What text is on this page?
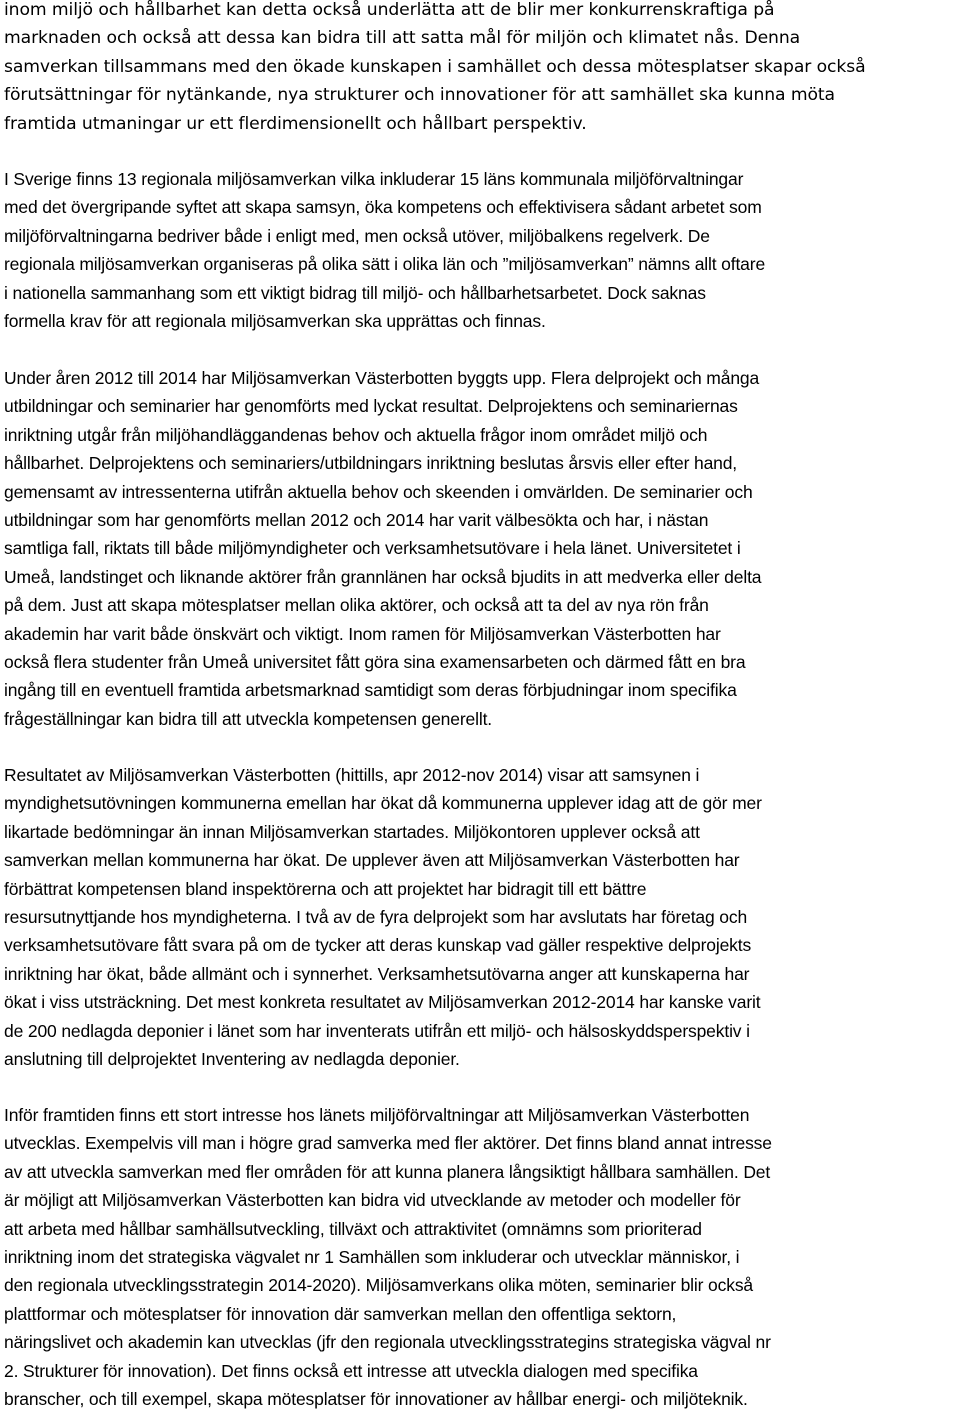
inom miljö och hållbarhet kan detta också underlätta att de blir mer konkurrenskraftiga på
marknaden och också att dessa kan bidra till att satta mål för miljön och klimatet nås. Denna
samverkan tillsammans med den ökade kunskapen i samhället och dessa mötesplatser skapar också
förutsättningar för nytänkande, nya strukturer och innovationer för att samhället ska kunna möta
framtida utmaningar ur ett flerdimensionellt och hållbart perspektiv.
I Sverige finns 13 regionala miljösamverkan vilka inkluderar 15 läns kommunala miljöförvaltningar
med det övergripande syftet att skapa samsyn, öka kompetens och effektivisera sådant arbetet som
miljöförvaltningarna bedriver både i enligt med, men också utöver, miljöbalkens regelverk. De
regionala miljösamverkan organiseras på olika sätt i olika län och ”miljösamverkan” nämns allt oftare
i nationella sammanhang som ett viktigt bidrag till miljö- och hållbarhetsarbetet. Dock saknas
formella krav för att regionala miljösamverkan ska upprättas och finnas.
Under åren 2012 till 2014 har Miljösamverkan Västerbotten byggts upp. Flera delprojekt och många
utbildningar och seminarier har genomförts med lyckat resultat. Delprojektens och seminariernas
inriktning utgår från miljöhandläggandenas behov och aktuella frågor inom området miljö och
hållbarhet. Delprojektens och seminariers/utbildningars inriktning beslutas årsvis eller efter hand,
gemensamt av intressenterna utifrån aktuella behov och skeenden i omvärlden. De seminarier och
utbildningar som har genomförts mellan 2012 och 2014 har varit välbesökta och har, i nästan
samtliga fall, riktats till både miljömyndigheter och verksamhetsutövare i hela länet. Universitetet i
Umeå, landstinget och liknande aktörer från grannlänen har också bjudits in att medverka eller delta
på dem. Just att skapa mötesplatser mellan olika aktörer, och också att ta del av nya rön från
akademin har varit både önskvärt och viktigt. Inom ramen för Miljösamverkan Västerbotten har
också flera studenter från Umeå universitet fått göra sina examensarbeten och därmed fått en bra
ingång till en eventuell framtida arbetsmarknad samtidigt som deras förbjudningar inom specifika
frågeställningar kan bidra till att utveckla kompetensen generellt.
Resultatet av Miljösamverkan Västerbotten (hittills, apr 2012-nov 2014) visar att samsynen i
myndighetsutövningen kommunerna emellan har ökat då kommunerna upplever idag att de gör mer
likartade bedömningar än innan Miljösamverkan startades. Miljökontoren upplever också att
samverkan mellan kommunerna har ökat. De upplever även att Miljösamverkan Västerbotten har
förbättrat kompetensen bland inspektörerna och att projektet har bidragit till ett bättre
resursutnyttjande hos myndigheterna. I två av de fyra delprojekt som har avslutats har företag och
verksamhetsutövare fått svara på om de tycker att deras kunskap vad gäller respektive delprojekts
inriktning har ökat, både allmänt och i synnerhet. Verksamhetsutövarna anger att kunskaperna har
ökat i viss utsträckning. Det mest konkreta resultatet av Miljösamverkan 2012-2014 har kanske varit
de 200 nedlagda deponier i länet som har inventerats utifrån ett miljö- och hälsoskyddsperspektiv i
anslutning till delprojektet Inventering av nedlagda deponier.
Inför framtiden finns ett stort intresse hos länets miljöförvaltningar att Miljösamverkan Västerbotten
utvecklas. Exempelvis vill man i högre grad samverka med fler aktörer. Det finns bland annat intresse
av att utveckla samverkan med fler områden för att kunna planera långsiktigt hållbara samhällen. Det
är möjligt att Miljösamverkan Västerbotten kan bidra vid utvecklande av metoder och modeller för
att arbeta med hållbar samhällsutveckling, tillväxt och attraktivitet (omnämns som prioriterad
inriktning inom det strategiska vägvalet nr 1 Samhällen som inkluderar och utvecklar människor, i
den regionala utvecklingsstrategin 2014-2020). Miljösamverkans olika möten, seminarier blir också
plattformar och mötesplatser för innovation där samverkan mellan den offentliga sektorn,
näringslivet och akademin kan utvecklas (jfr den regionala utvecklingsstrategins strategiska vägval nr
2. Strukturer för innovation). Det finns också ett intresse att utveckla dialogen med specifika
branscher, och till exempel, skapa mötesplatser för innovationer av hållbar energi- och miljöteknik.
